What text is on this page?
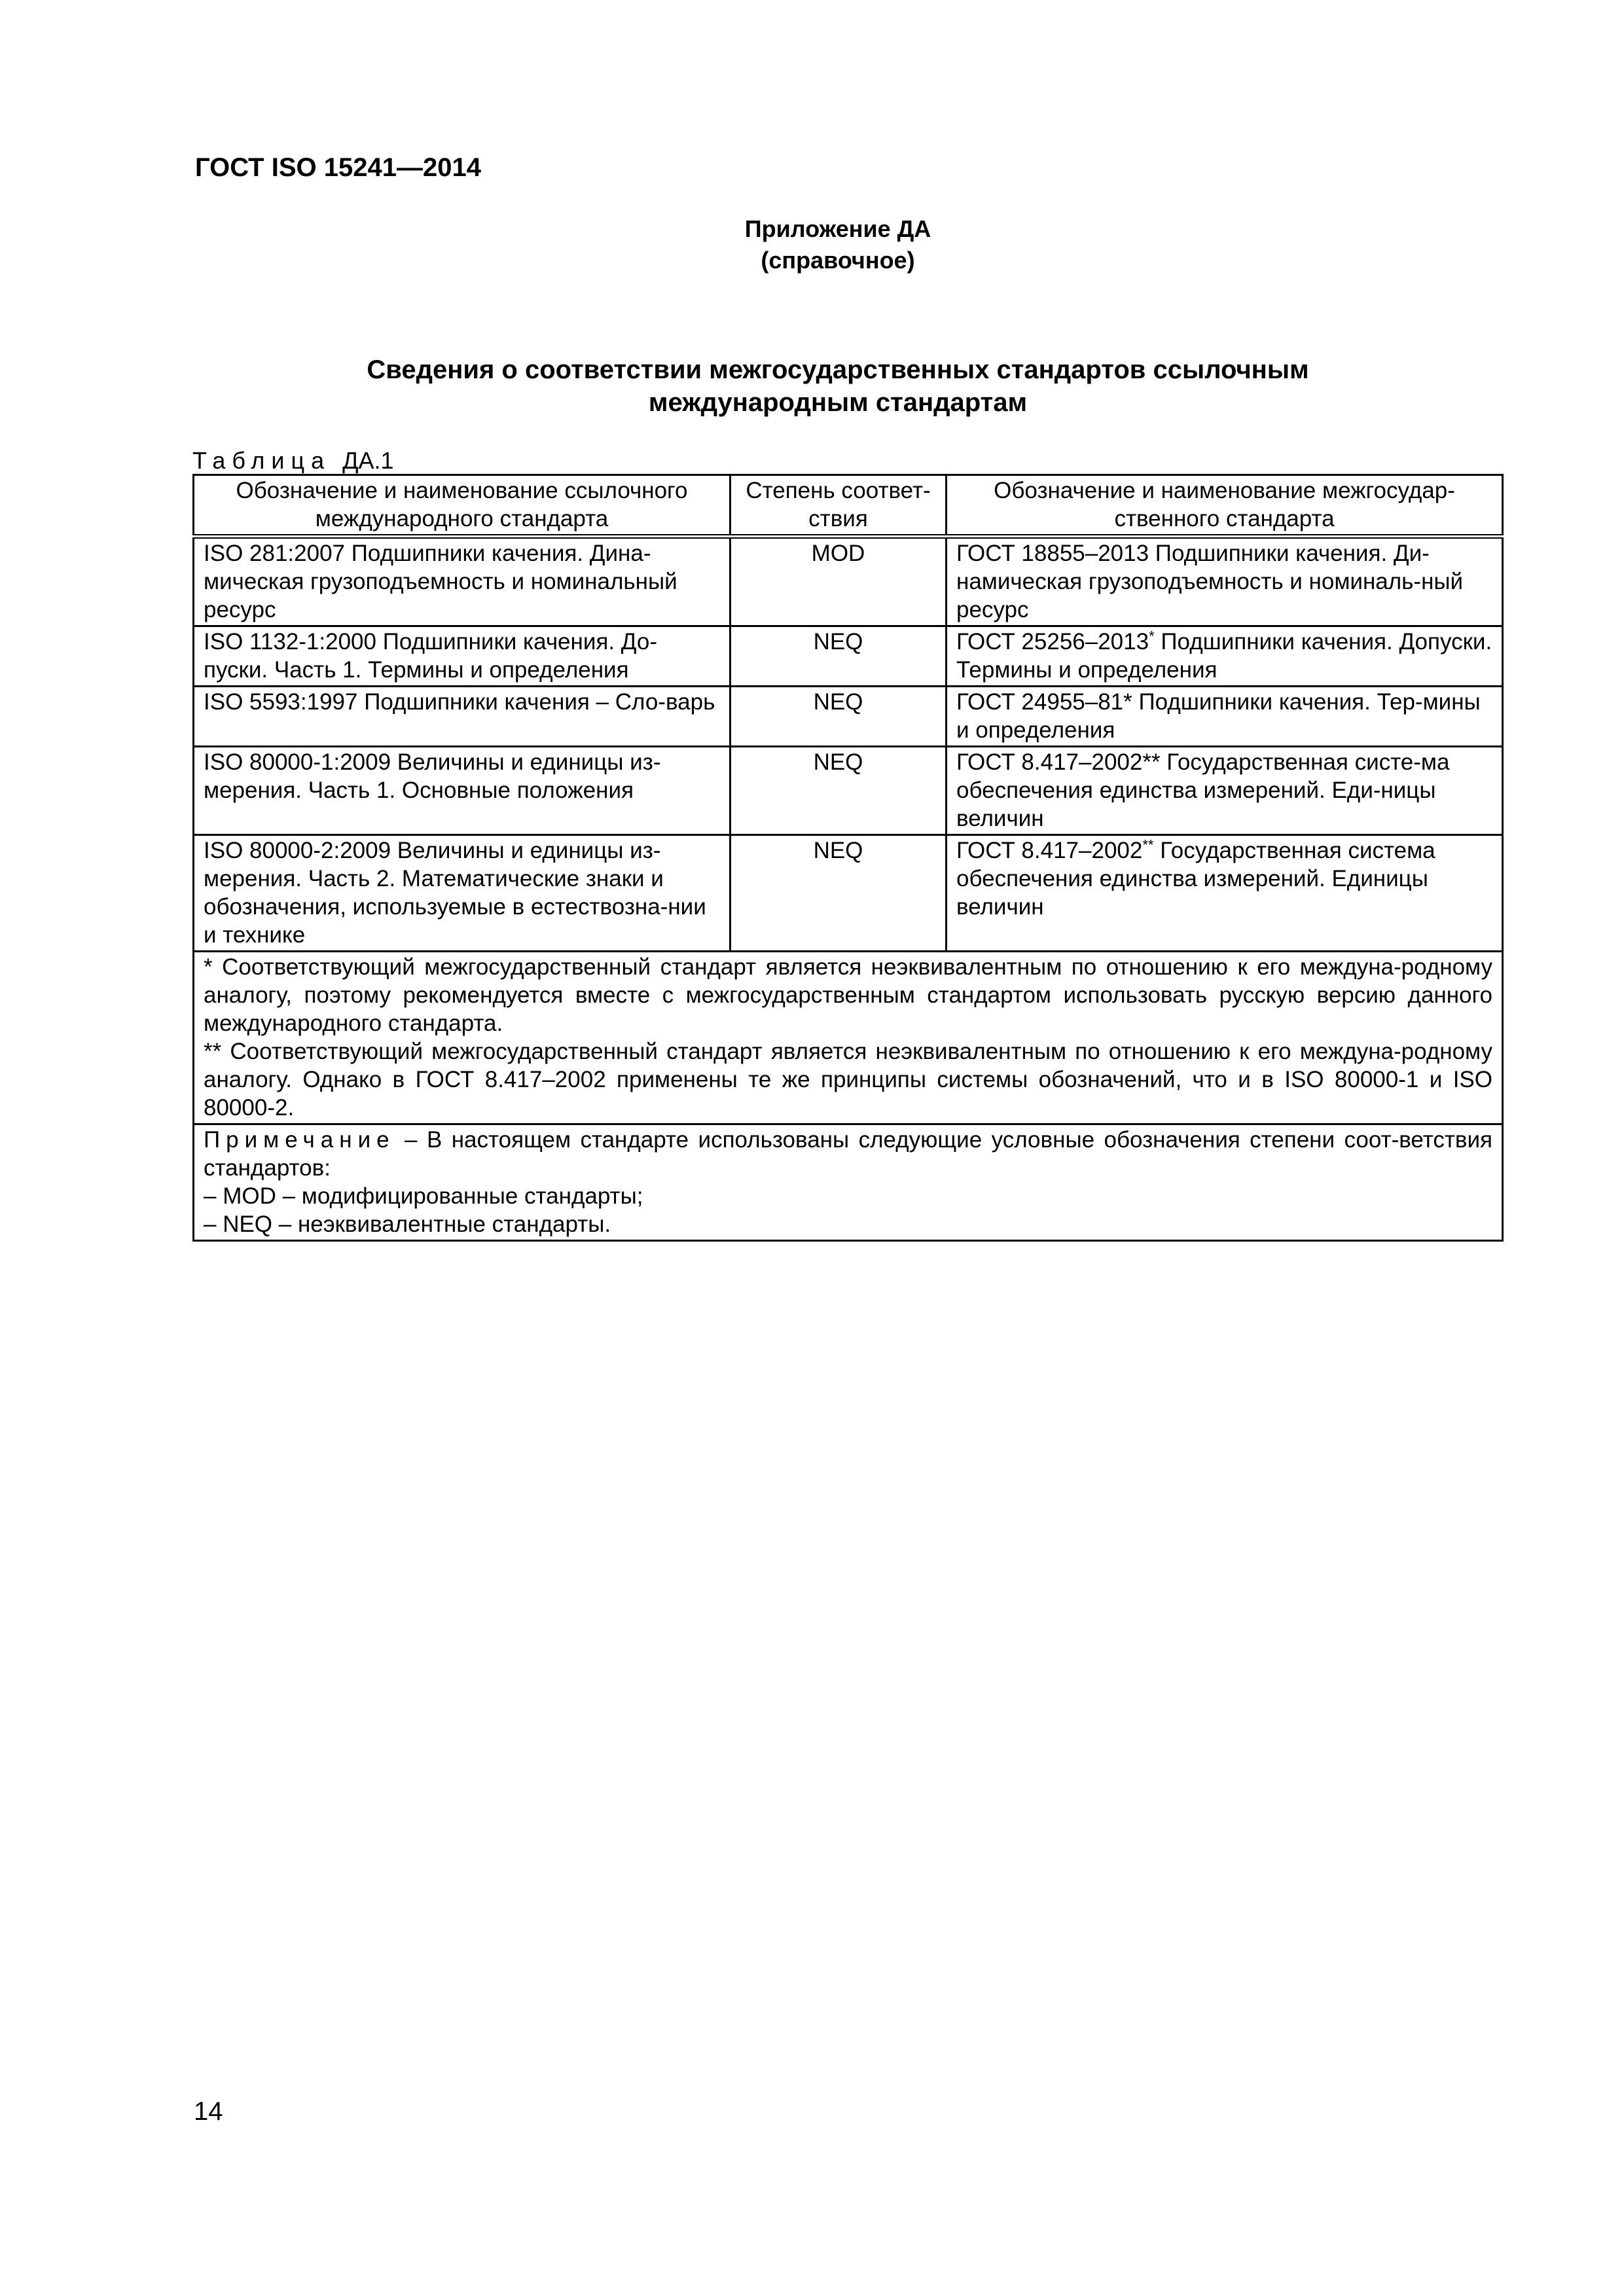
ГОСТ ISO 15241—2014
Приложение ДА
(справочное)
Сведения о соответствии межгосударственных стандартов ссылочным
международным стандартам
Таблица ДА.1
Обозначение и наименование ссылочного международного стандарта	Степень соответ-ствия	Обозначение и наименование межгосудар-ственного стандарта
ISO 281:2007 Подшипники качения. Дина-мическая грузоподъемность и номинальный ресурс	MOD	ГОСТ 18855–2013 Подшипники качения. Ди-намическая грузоподъемность и номиналь-ный ресурс
ISO 1132-1:2000 Подшипники качения. До-пуски. Часть 1. Термины и определения	NEQ	ГОСТ 25256–2013* Подшипники качения. Допуски. Термины и определения
ISO 5593:1997 Подшипники качения – Сло-варь	NEQ	ГОСТ 24955–81* Подшипники качения. Тер-мины и определения
ISO 80000-1:2009 Величины и единицы из-мерения. Часть 1. Основные положения	NEQ	ГОСТ 8.417–2002** Государственная систе-ма обеспечения единства измерений. Еди-ницы величин
ISO 80000-2:2009 Величины и единицы из-мерения. Часть 2. Математические знаки и обозначения, используемые в естествозна-нии и технике	NEQ	ГОСТ 8.417–2002** Государственная система обеспечения единства измерений. Единицы величин

* Соответствующий межгосударственный стандарт является неэквивалентным по отношению к его междуна-родному аналогу, поэтому рекомендуется вместе с межгосударственным стандартом использовать русскую версию данного международного стандарта.
** Соответствующий межгосударственный стандарт является неэквивалентным по отношению к его междуна-родному аналогу. Однако в ГОСТ 8.417–2002 применены те же принципы системы обозначений, что и в ISO 80000-1 и ISO 80000-2.		

Примечание – В настоящем стандарте использованы следующие условные обозначения степени соот-ветствия стандартов:
– MOD – модифицированные стандарты;
– NEQ – неэквивалентные стандарты.		
14
